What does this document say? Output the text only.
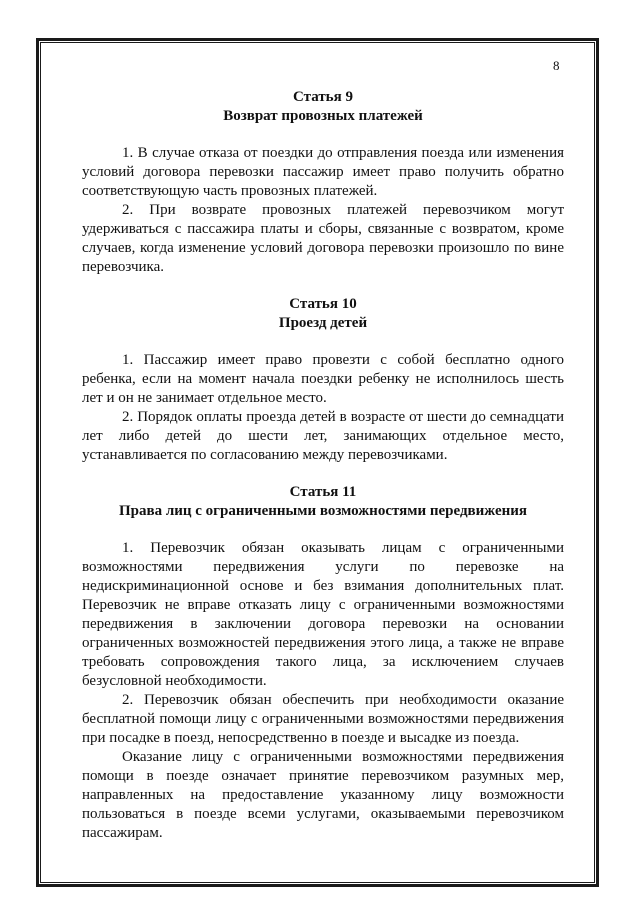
8

Статья 9

Возврат провозных платежей

1. В случае отказа от поездки до отправления поезда или изменения условий договора перевозки пассажир имеет право получить обратно соответствующую часть провозных платежей.

2. При возврате провозных платежей перевозчиком могут удерживаться с пассажира платы и сборы, связанные с возвратом, кроме случаев, когда изменение условий договора перевозки произошло по вине перевозчика.

Статья 10

Проезд детей

1. Пассажир имеет право провезти с собой бесплатно одного ребенка, если на момент начала поездки ребенку не исполнилось шесть лет и он не занимает отдельное место.

2. Порядок оплаты проезда детей в возрасте от шести до семнадцати лет либо детей до шести лет, занимающих отдельное место, устанавливается по согласованию между перевозчиками.

Статья 11

Права лиц с ограниченными возможностями передвижения

1. Перевозчик обязан оказывать лицам с ограниченными возможностями передвижения услуги по перевозке на недискриминационной основе и без взимания дополнительных плат. Перевозчик не вправе отказать лицу с ограниченными возможностями передвижения в заключении договора перевозки на основании ограниченных возможностей передвижения этого лица, а также не вправе требовать сопровождения такого лица, за исключением случаев безусловной необходимости.

2. Перевозчик обязан обеспечить при необходимости оказание бесплатной помощи лицу с ограниченными возможностями передвижения при посадке в поезд, непосредственно в поезде и высадке из поезда.

Оказание лицу с ограниченными возможностями передвижения помощи в поезде означает принятие перевозчиком разумных мер, направленных на предоставление указанному лицу возможности пользоваться в поезде всеми услугами, оказываемыми перевозчиком пассажирам.
